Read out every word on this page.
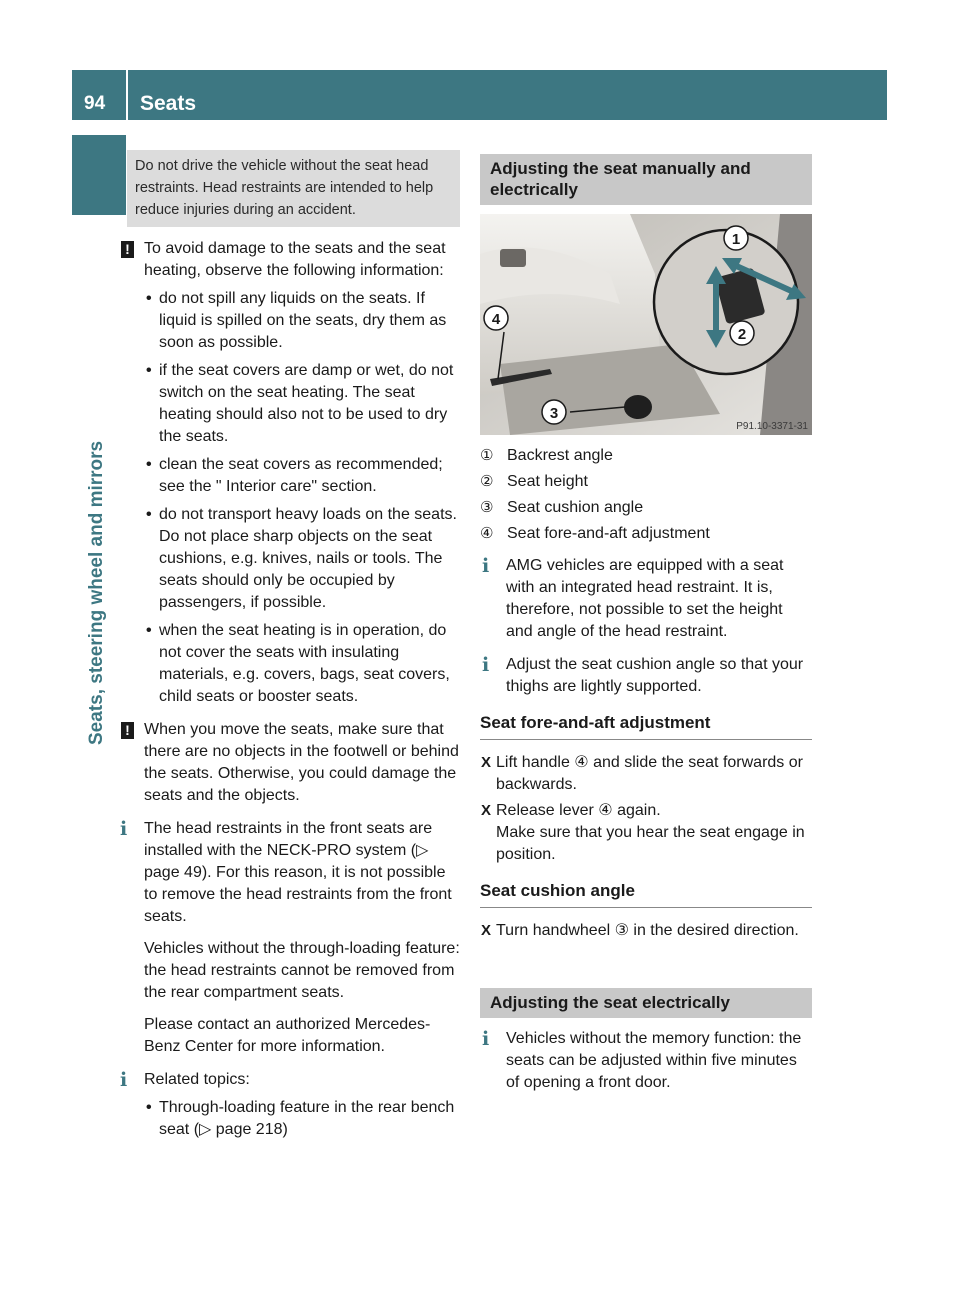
94	Seats
Seats, steering wheel and mirrors
Do not drive the vehicle without the seat head restraints. Head restraints are intended to help reduce injuries during an accident.
! To avoid damage to the seats and the seat heating, observe the following information:

• do not spill any liquids on the seats. If liquid is spilled on the seats, dry them as soon as possible.
• if the seat covers are damp or wet, do not switch on the seat heating. The seat heating should also not to be used to dry the seats.
• clean the seat covers as recommended; see the " Interior care" section.
• do not transport heavy loads on the seats. Do not place sharp objects on the seat cushions, e.g. knives, nails or tools. The seats should only be occupied by passengers, if possible.
• when the seat heating is in operation, do not cover the seats with insulating materials, e.g. covers, bags, seat covers, child seats or booster seats.
! When you move the seats, make sure that there are no objects in the footwell or behind the seats. Otherwise, you could damage the seats and the objects.

i	The head restraints in the front seats are installed with the NECK-PRO system (▷ page 49). For this reason, it is not possible to remove the head restraints from the front seats.

Vehicles without the through-loading feature: the head restraints cannot be removed from the rear compartment seats.

Please contact an authorized Mercedes-Benz Center for more information.

i	Related topics:

• Through-loading feature in the rear bench seat (▷ page 218)
Adjusting the seat manually and electrically
1
2
3
4
P91.10-3371-31
① Backrest angle
② Seat height
③ Seat cushion angle
④ Seat fore-and-aft adjustment
i	AMG vehicles are equipped with a seat with an integrated head restraint. It is, therefore, not possible to set the height and angle of the head restraint.

i	Adjust the seat cushion angle so that your thighs are lightly supported.

Seat fore-and-aft adjustment
X Lift handle ④ and slide the seat forwards or backwards.

X Release lever ④ again.

Make sure that you hear the seat engage in position.

Seat cushion angle
X Turn handwheel ③ in the desired direction.

Adjusting the seat electrically
i	Vehicles without the memory function: the seats can be adjusted within five minutes of opening a front door.
